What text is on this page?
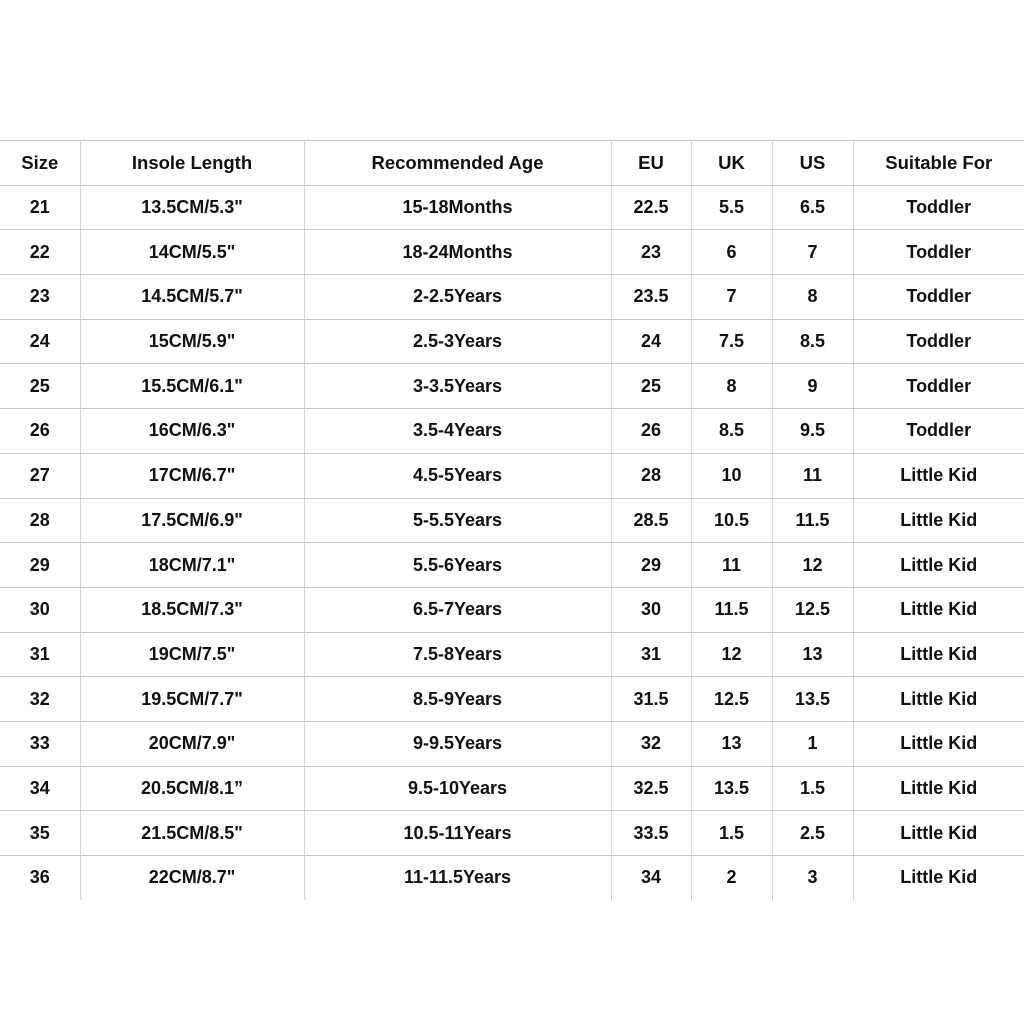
Size	Insole Length	Recommended Age	EU	UK	US	Suitable For
21	13.5CM/5.3"	15-18Months	22.5	5.5	6.5	Toddler
22	14CM/5.5"	18-24Months	23	6	7	Toddler
23	14.5CM/5.7"	2-2.5Years	23.5	7	8	Toddler
24	15CM/5.9"	2.5-3Years	24	7.5	8.5	Toddler
25	15.5CM/6.1"	3-3.5Years	25	8	9	Toddler
26	16CM/6.3"	3.5-4Years	26	8.5	9.5	Toddler
27	17CM/6.7"	4.5-5Years	28	10	11	Little Kid
28	17.5CM/6.9"	5-5.5Years	28.5	10.5	11.5	Little Kid
29	18CM/7.1"	5.5-6Years	29	11	12	Little Kid
30	18.5CM/7.3"	6.5-7Years	30	11.5	12.5	Little Kid
31	19CM/7.5"	7.5-8Years	31	12	13	Little Kid
32	19.5CM/7.7"	8.5-9Years	31.5	12.5	13.5	Little Kid
33	20CM/7.9"	9-9.5Years	32	13	1	Little Kid
34	20.5CM/8.1”	9.5-10Years	32.5	13.5	1.5	Little Kid
35	21.5CM/8.5"	10.5-11Years	33.5	1.5	2.5	Little Kid
36	22CM/8.7"	11-11.5Years	34	2	3	Little Kid
